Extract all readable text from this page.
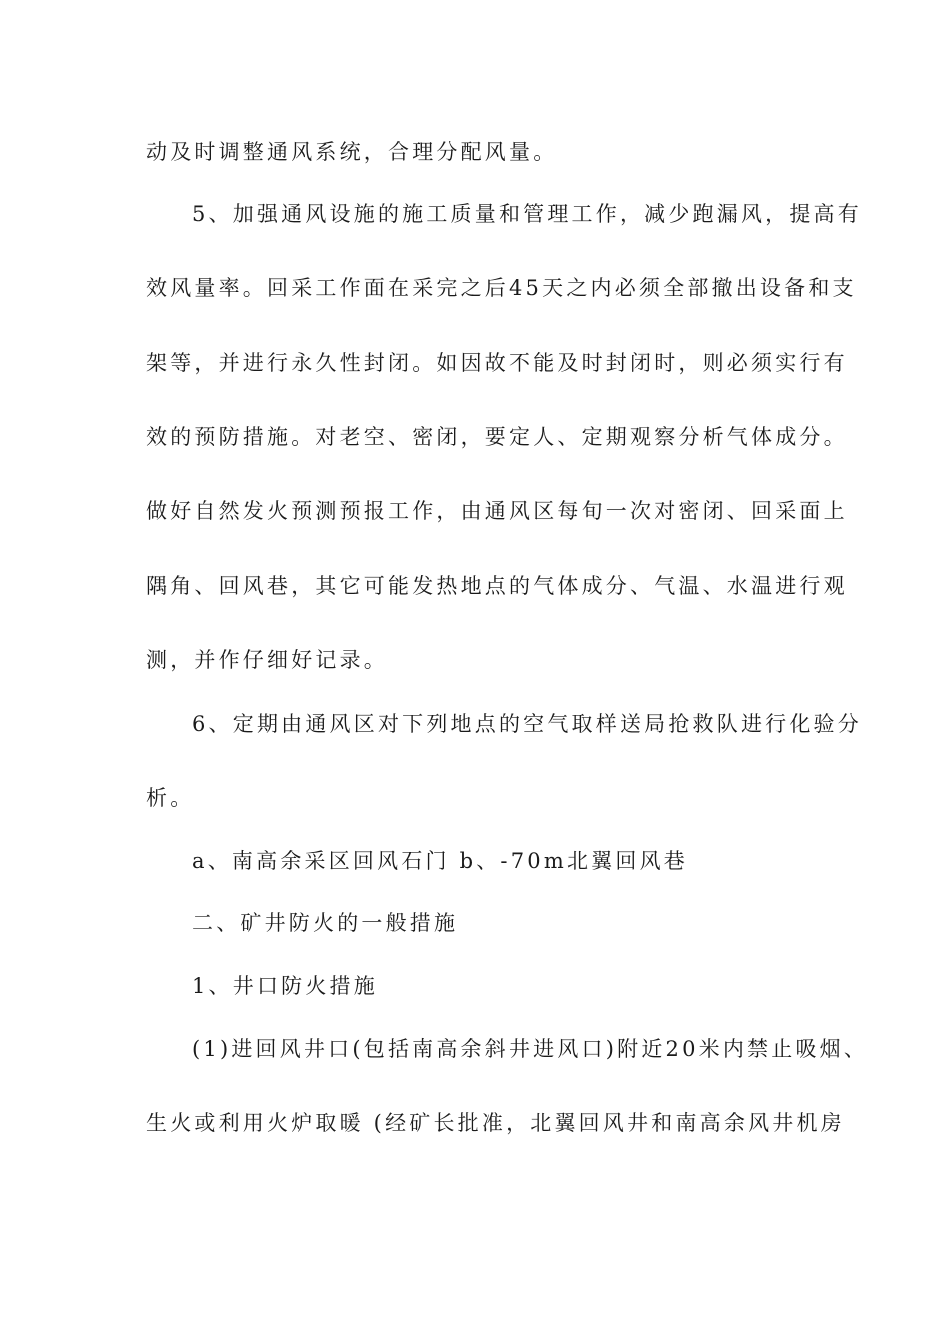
动及时调整通风系统，合理分配风量。
5、加强通风设施的施工质量和管理工作，减少跑漏风，提高有
效风量率。回采工作面在采完之后45天之内必须全部撤出设备和支
架等，并进行永久性封闭。如因故不能及时封闭时，则必须实行有
效的预防措施。对老空、密闭，要定人、定期观察分析气体成分。
做好自然发火预测预报工作，由通风区每旬一次对密闭、回采面上
隅角、回风巷，其它可能发热地点的气体成分、气温、水温进行观
测，并作仔细好记录。
6、定期由通风区对下列地点的空气取样送局抢救队进行化验分
析。
a、南高余采区回风石门 b、-70m北翼回风巷
二、矿井防火的一般措施
1、井口防火措施
(1)进回风井口(包括南高余斜井进风口)附近20米内禁止吸烟、
生火或利用火炉取暖 (经矿长批准，北翼回风井和南高余风井机房
